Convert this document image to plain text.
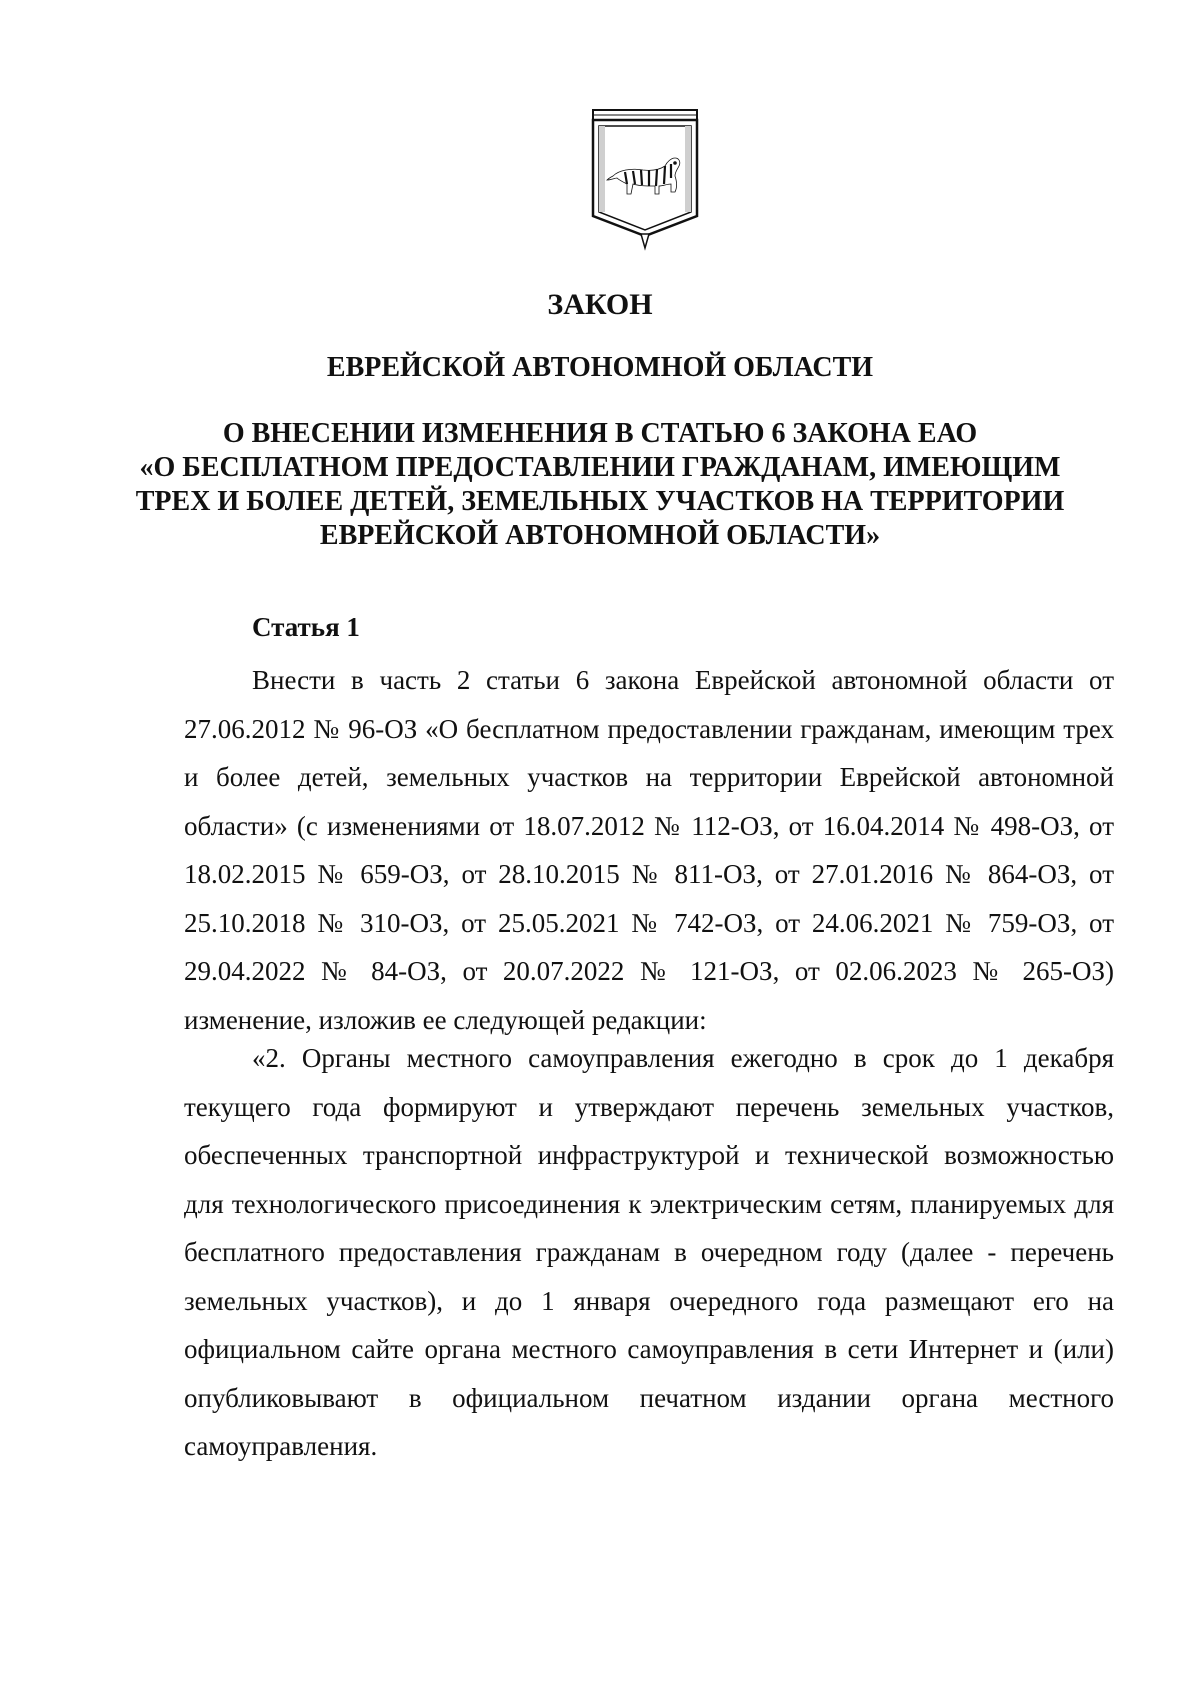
ЗАКОН
ЕВРЕЙСКОЙ АВТОНОМНОЙ ОБЛАСТИ
О ВНЕСЕНИИ ИЗМЕНЕНИЯ В СТАТЬЮ 6 ЗАКОНА ЕАО
«О БЕСПЛАТНОМ ПРЕДОСТАВЛЕНИИ ГРАЖДАНАМ, ИМЕЮЩИМ
ТРЕХ И БОЛЕЕ ДЕТЕЙ, ЗЕМЕЛЬНЫХ УЧАСТКОВ НА ТЕРРИТОРИИ
ЕВРЕЙСКОЙ АВТОНОМНОЙ ОБЛАСТИ»
Статья 1

Внести в часть 2 статьи 6 закона Еврейской автономной области от 27.06.2012 № 96-ОЗ «О бесплатном предоставлении гражданам, имеющим трех и более детей, земельных участков на территории Еврейской автономной области» (с изменениями от 18.07.2012 № 112-ОЗ, от 16.04.2014 № 498-ОЗ, от 18.02.2015 № 659-ОЗ, от 28.10.2015 № 811-ОЗ, от 27.01.2016 № 864-ОЗ, от 25.10.2018 № 310-ОЗ, от 25.05.2021 № 742-ОЗ, от 24.06.2021 № 759-ОЗ, от 29.04.2022 № 84-ОЗ, от 20.07.2022 № 121-ОЗ, от 02.06.2023 № 265-ОЗ) изменение, изложив ее следующей редакции:

«2. Органы местного самоуправления ежегодно в срок до 1 декабря текущего года формируют и утверждают перечень земельных участков, обеспеченных транспортной инфраструктурой и технической возможностью для технологического присоединения к электрическим сетям, планируемых для бесплатного предоставления гражданам в очередном году (далее - перечень земельных участков), и до 1 января очередного года размещают его на официальном сайте органа местного самоуправления в сети Интернет и (или) опубликовывают в официальном печатном издании органа местного самоуправления.
